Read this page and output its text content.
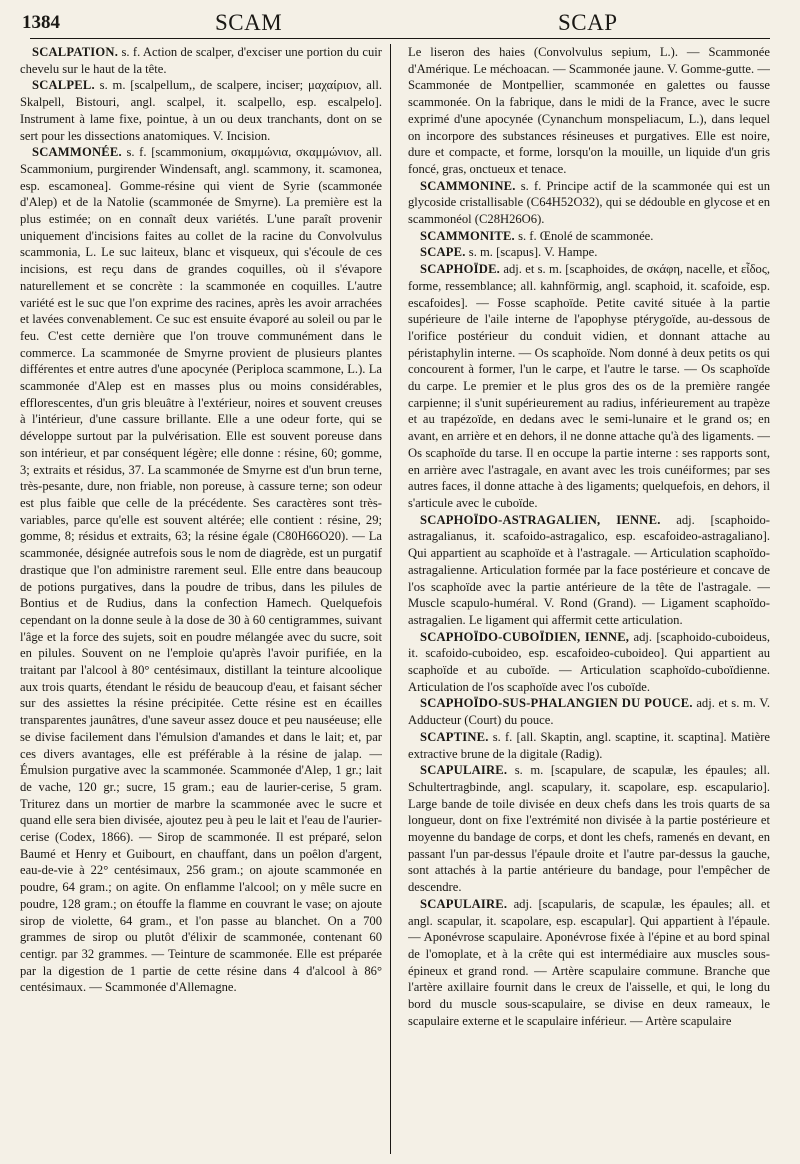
1384	SCAM	SCAP

SCALPATION. s. f. Action de scalper, d'exciser une portion du cuir chevelu sur le haut de la tête.

SCALPEL. s. m. [scalpellum,, de scalpere, inciser; μαχαίριον, all. Skalpell, Bistouri, angl. scalpel, it. scalpello, esp. escalpelo]. Instrument à lame fixe, pointue, à un ou deux tranchants, dont on se sert pour les dissections anatomiques. V. Incision.

SCAMMONÉE. s. f. [scammonium, σκαμμώνια, σκαμμώνιον, all. Scammonium, purgirender Windensaft, angl. scammony, it. scamonea, esp. escamonea]. Gomme-résine qui vient de Syrie (scammonée d'Alep) et de la Natolie (scammonée de Smyrne). La première est la plus estimée; on en connaît deux variétés. L'une paraît provenir uniquement d'incisions faites au collet de la racine du Convolvulus scammonia, L. Le suc laiteux, blanc et visqueux, qui s'écoule de ces incisions, est reçu dans de grandes coquilles, où il s'évapore naturellement et se concrète : la scammonée en coquilles. L'autre variété est le suc que l'on exprime des racines, après les avoir arrachées et lavées convenablement. Ce suc est ensuite évaporé au soleil ou par le feu. C'est cette dernière que l'on trouve communément dans le commerce. La scammonée de Smyrne provient de plusieurs plantes différentes et entre autres d'une apocynée (Periploca scammone, L.). La scammonée d'Alep est en masses plus ou moins considérables, efflorescentes, d'un gris bleuâtre à l'extérieur, noires et souvent creuses à l'intérieur, d'une cassure brillante. Elle a une odeur forte, qui se développe surtout par la pulvérisation. Elle est souvent poreuse dans son intérieur, et par conséquent légère; elle donne : résine, 60; gomme, 3; extraits et résidus, 37. La scammonée de Smyrne est d'un brun terne, très-pesante, dure, non friable, non poreuse, à cassure terne; son odeur est plus faible que celle de la précédente. Ses caractères sont très-variables, parce qu'elle est souvent altérée; elle contient : résine, 29; gomme, 8; résidus et extraits, 63; la résine égale (C80H66O20). — La scammonée, désignée autrefois sous le nom de diagrède, est un purgatif drastique que l'on administre rarement seul. Elle entre dans beaucoup de potions purgatives, dans la poudre de tribus, dans les pilules de Bontius et de Rudius, dans la confection Hamech. Quelquefois cependant on la donne seule à la dose de 30 à 60 centigrammes, suivant l'âge et la force des sujets, soit en poudre mélangée avec du sucre, soit en pilules. Souvent on ne l'emploie qu'après l'avoir purifiée, en la traitant par l'alcool à 80° centésimaux, distillant la teinture alcoolique aux trois quarts, étendant le résidu de beaucoup d'eau, et faisant sécher sur des assiettes la résine précipitée. Cette résine est en écailles transparentes jaunâtres, d'une saveur assez douce et peu nauséeuse; elle se divise facilement dans l'émulsion d'amandes et dans le lait; et, par ces divers avantages, elle est préférable à la résine de jalap. — Émulsion purgative avec la scammonée. Scammonée d'Alep, 1 gr.; lait de vache, 120 gr.; sucre, 15 gram.; eau de laurier-cerise, 5 gram. Triturez dans un mortier de marbre la scammonée avec le sucre et quand elle sera bien divisée, ajoutez peu à peu le lait et l'eau de l'aurier-cerise (Codex, 1866). — Sirop de scammonée. Il est préparé, selon Baumé et Henry et Guibourt, en chauffant, dans un poêlon d'argent, eau-de-vie à 22° centésimaux, 256 gram.; on ajoute scammonée en poudre, 64 gram.; on agite. On enflamme l'alcool; on y mêle sucre en poudre, 128 gram.; on étouffe la flamme en couvrant le vase; on ajoute sirop de violette, 64 gram., et l'on passe au blanchet. On a 700 grammes de sirop ou plutôt d'élixir de scammonée, contenant 60 centigr. par 32 grammes. — Teinture de scammonée. Elle est préparée par la digestion de 1 partie de cette résine dans 4 d'alcool à 86° centésimaux. — Scammonée d'Allemagne.

Le liseron des haies (Convolvulus sepium, L.). — Scammonée d'Amérique. Le méchoacan. — Scammonée jaune. V. Gomme-gutte. — Scammonée de Montpellier, scammonée en galettes ou fausse scammonée. On la fabrique, dans le midi de la France, avec le sucre exprimé d'une apocynée (Cynanchum monspeliacum, L.), dans lequel on incorpore des substances résineuses et purgatives. Elle est noire, dure et compacte, et forme, lorsqu'on la mouille, un liquide d'un gris foncé, gras, onctueux et tenace.

SCAMMONINE. s. f. Principe actif de la scammonée qui est un glycoside cristallisable (C64H52O32), qui se dédouble en glycose et en scammonéol (C28H26O6).

SCAMMONITE. s. f. Œnolé de scammonée.

SCAPE. s. m. [scapus]. V. Hampe.

SCAPHOÏDE. adj. et s. m. [scaphoides, de σκάφη, nacelle, et εἶδος, forme, ressemblance; all. kahnförmig, angl. scaphoid, it. scafoide, esp. escafoides]. — Fosse scaphoïde. Petite cavité située à la partie supérieure de l'aile interne de l'apophyse ptérygoïde, au-dessous de l'orifice postérieur du conduit vidien, et donnant attache au péristaphylin interne. — Os scaphoïde. Nom donné à deux petits os qui concourent à former, l'un le carpe, et l'autre le tarse. — Os scaphoïde du carpe. Le premier et le plus gros des os de la première rangée carpienne; il s'unit supérieurement au radius, inférieurement au trapèze et au trapézoïde, en dedans avec le semi-lunaire et le grand os; en avant, en arrière et en dehors, il ne donne attache qu'à des ligaments. — Os scaphoïde du tarse. Il en occupe la partie interne : ses rapports sont, en arrière avec l'astragale, en avant avec les trois cunéiformes; par ses autres faces, il donne attache à des ligaments; quelquefois, en dehors, il s'articule avec le cuboïde.

SCAPHOÏDO-ASTRAGALIEN, IENNE. adj. [scaphoido-astragalianus, it. scafoido-astragalico, esp. escafoideo-astragaliano]. Qui appartient au scaphoïde et à l'astragale. — Articulation scaphoïdo-astragalienne. Articulation formée par la face postérieure et concave de l'os scaphoïde avec la partie antérieure de la tête de l'astragale. — Muscle scapulo-huméral. V. Rond (Grand). — Ligament scaphoïdo-astragalien. Le ligament qui affermit cette articulation.

SCAPHOÏDO-CUBOÏDIEN, IENNE, adj. [scaphoido-cuboideus, it. scafoido-cuboideo, esp. escafoideo-cuboideo]. Qui appartient au scaphoïde et au cuboïde. — Articulation scaphoïdo-cuboïdienne. Articulation de l'os scaphoïde avec l'os cuboïde.

SCAPHOÏDO-SUS-PHALANGIEN DU POUCE. adj. et s. m. V. Adducteur (Court) du pouce.

SCAPTINE. s. f. [all. Skaptin, angl. scaptine, it. scaptina]. Matière extractive brune de la digitale (Radig).

SCAPULAIRE. s. m. [scapulare, de scapulæ, les épaules; all. Schultertragbinde, angl. scapulary, it. scapolare, esp. escapulario]. Large bande de toile divisée en deux chefs dans les trois quarts de sa longueur, dont on fixe l'extrémité non divisée à la partie postérieure et moyenne du bandage de corps, et dont les chefs, ramenés en devant, en passant l'un par-dessus l'épaule droite et l'autre par-dessus la gauche, sont attachés à la partie antérieure du bandage, pour l'empêcher de descendre.

SCAPULAIRE. adj. [scapularis, de scapulæ, les épaules; all. et angl. scapular, it. scapolare, esp. escapular]. Qui appartient à l'épaule. — Aponévrose scapulaire. Aponévrose fixée à l'épine et au bord spinal de l'omoplate, et à la crête qui est intermédiaire aux muscles sous-épineux et grand rond. — Artère scapulaire commune. Branche que l'artère axillaire fournit dans le creux de l'aisselle, et qui, le long du bord du muscle sous-scapulaire, se divise en deux rameaux, le scapulaire externe et le scapulaire inférieur. — Artère scapulaire
